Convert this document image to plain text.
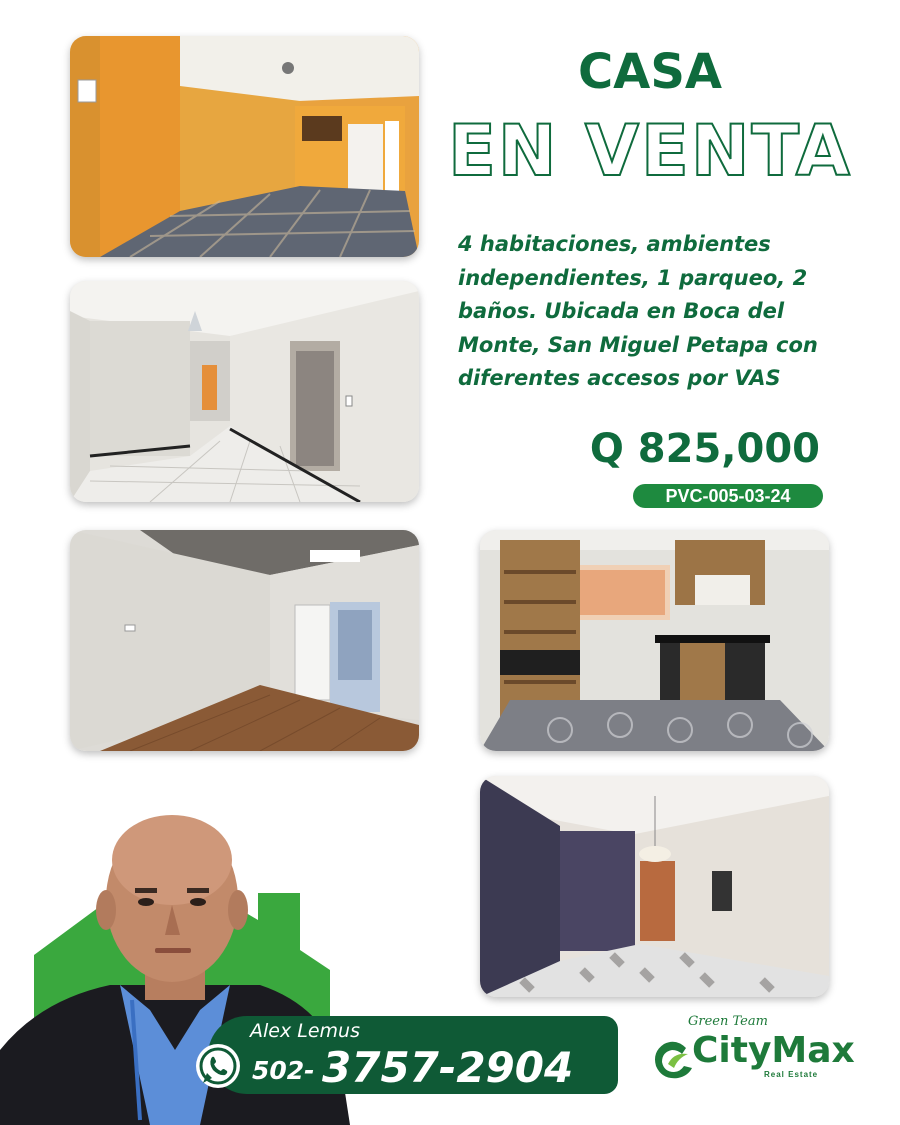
CASA
EN VENTA
4 habitaciones, ambientes
independientes, 1 parqueo, 2
baños. Ubicada en Boca del
Monte, San Miguel Petapa con
diferentes accesos por VAS
Q 825,000
PVC-005-03-24
Alex Lemus
502- 3757-2904
Green Team
CityMax
Real Estate
